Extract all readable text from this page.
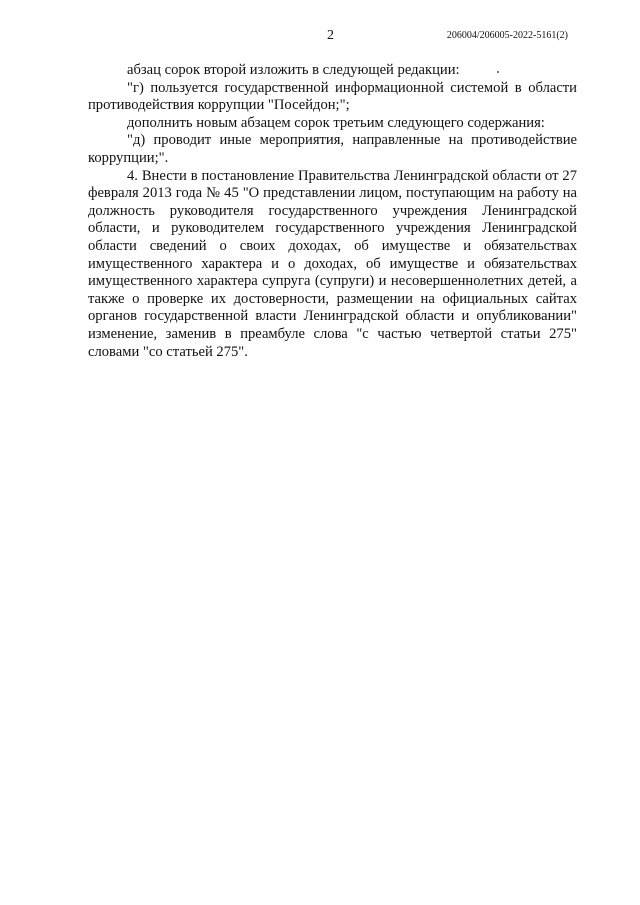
2	206004/206005-2022-5161(2)

абзац сорок второй изложить в следующей редакции:

"г) пользуется государственной информационной системой в области противодействия коррупции "Посейдон;";

дополнить новым абзацем сорок третьим следующего содержания:

"д) проводит иные мероприятия, направленные на противодействие коррупции;".

4. Внести в постановление Правительства Ленинградской области от 27 февраля 2013 года № 45 "О представлении лицом, поступающим на работу на должность руководителя государственного учреждения Ленинградской области, и руководителем государственного учреждения Ленинградской области сведений о своих доходах, об имуществе и обязательствах имущественного характера и о доходах, об имуществе и обязательствах имущественного характера супруга (супруги) и несовершеннолетних детей, а также о проверке их достоверности, размещении на официальных сайтах органов государственной власти Ленинградской области и опубликовании" изменение, заменив в преамбуле слова "с частью четвертой статьи 275" словами "со статьей 275".
